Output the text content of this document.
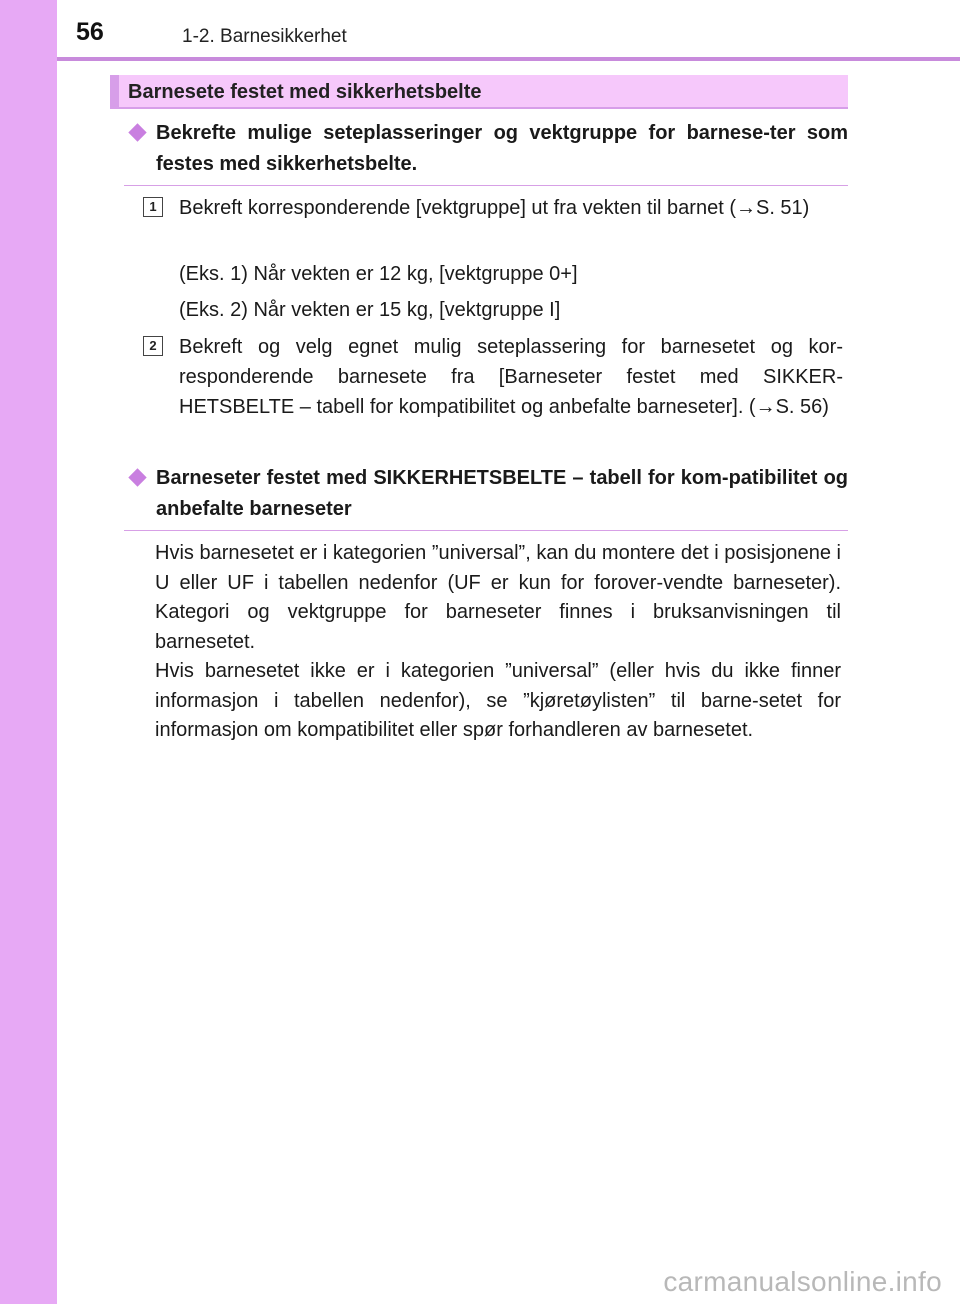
56	1-2. Barnesikkerhet
Barnesete festet med sikkerhetsbelte
Bekrefte mulige seteplasseringer og vektgruppe for barnese-ter som festes med sikkerhetsbelte.
1	Bekreft korresponderende [vektgruppe] ut fra vekten til barnet (→S. 51)
(Eks. 1) Når vekten er 12 kg, [vektgruppe 0+]
(Eks. 2) Når vekten er 15 kg, [vektgruppe I]
2	Bekreft og velg egnet mulig seteplassering for barnesetet og kor-responderende barnesete fra [Barneseter festet med SIKKER-HETSBELTE – tabell for kompatibilitet og anbefalte barneseter]. (→S. 56)
Barneseter festet med SIKKERHETSBELTE – tabell for kom-patibilitet og anbefalte barneseter

Hvis barnesetet er i kategorien ”universal”, kan du montere det i posisjonene i U eller UF i tabellen nedenfor (UF er kun for forover-vendte barneseter). Kategori og vektgruppe for barneseter finnes i bruksanvisningen til barnesetet.

Hvis barnesetet ikke er i kategorien ”universal” (eller hvis du ikke finner informasjon i tabellen nedenfor), se ”kjøretøylisten” til barne-setet for informasjon om kompatibilitet eller spør forhandleren av barnesetet.

carmanualsonline.info
